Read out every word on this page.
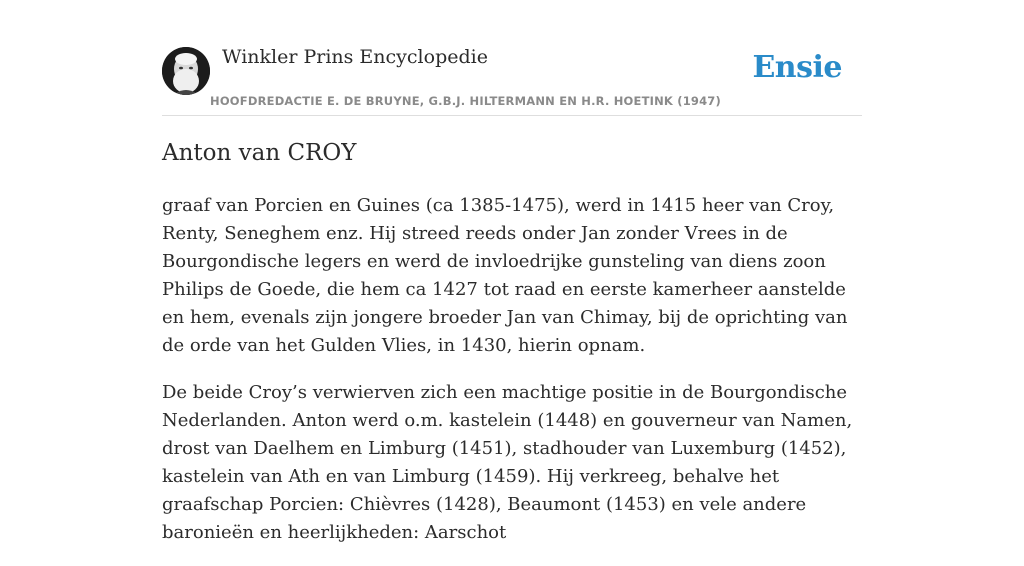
Winkler Prins Encyclopedie
HOOFDREDACTIE E. DE BRUYNE, G.B.J. HILTERMANN EN H.R. HOETINK (1947)
Ensie
Anton van CROY

graaf van Porcien en Guines (ca 1385-1475), werd in 1415 heer van Croy, Renty, Seneghem enz. Hij streed reeds onder Jan zonder Vrees in de Bourgondische legers en werd de invloedrijke gunsteling van diens zoon Philips de Goede, die hem ca 1427 tot raad en eerste kamerheer aanstelde en hem, evenals zijn jongere broeder Jan van Chimay, bij de oprichting van de orde van het Gulden Vlies, in 1430, hierin opnam.

De beide Croy’s verwierven zich een machtige positie in de Bourgondische Nederlanden. Anton werd o.m. kastelein (1448) en gouverneur van Namen, drost van Daelhem en Limburg (1451), stadhouder van Luxemburg (1452), kastelein van Ath en van Limburg (1459). Hij verkreeg, behalve het graafschap Porcien: Chièvres (1428), Beaumont (1453) en vele andere baronieën en heerlijkheden: Aarschot
